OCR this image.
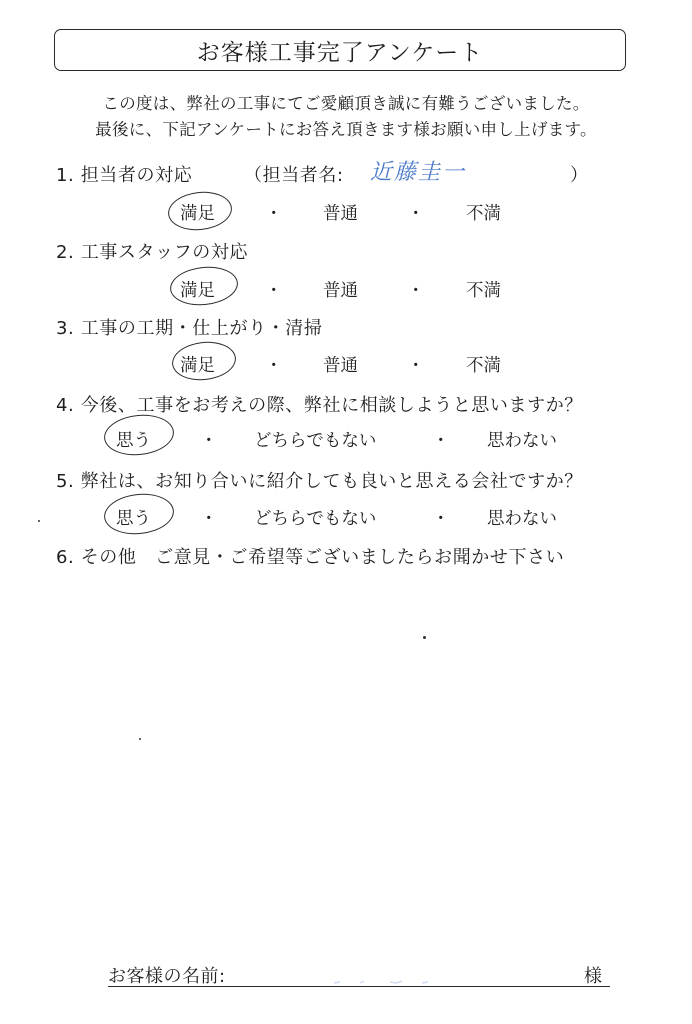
お客様工事完了アンケート
この度は、弊社の工事にてご愛顧頂き誠に有難うございました。
最後に、下記アンケートにお答え頂きます様お願い申し上げます。
1. 担当者の対応	（担当者名: 近藤圭一	）
満足	・ 普通	・ 不満
2. 工事スタッフの対応
満足	・ 普通	・ 不満
3. 工事の工期・仕上がり・清掃
満足	・ 普通	・ 不満
4. 今後、工事をお考えの際、弊社に相談しようと思いますか？
思う	・ どちらでもない	・ 思わない
5. 弊社は、お知り合いに紹介しても良いと思える会社ですか？
思う	・ どちらでもない	・ 思わない
6. その他　ご意見・ご希望等ございましたらお聞かせ下さい
お客様の名前:	様
